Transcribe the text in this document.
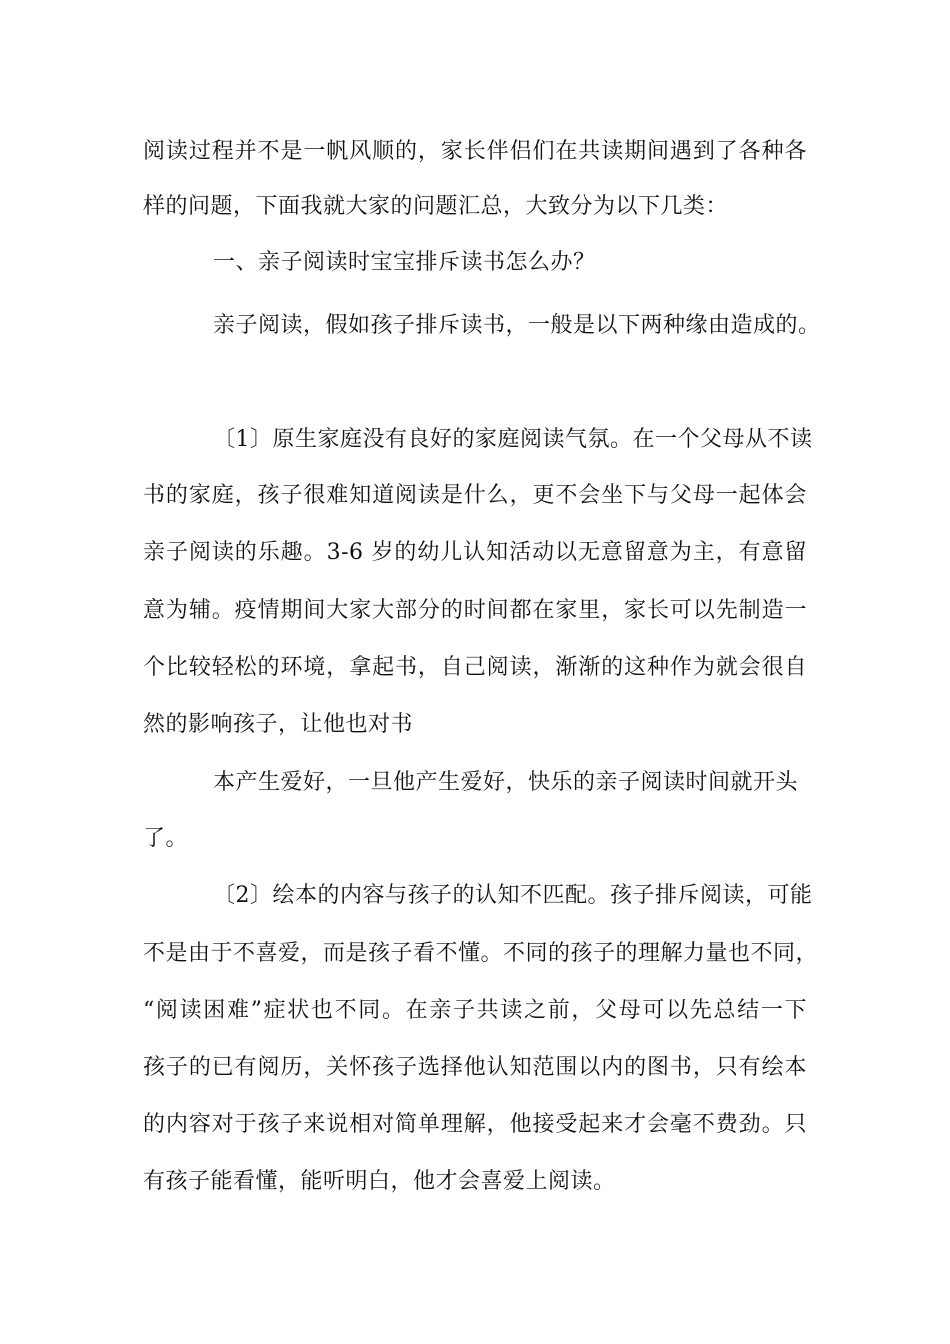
阅读过程并不是一帆风顺的，家长伴侣们在共读期间遇到了各种各
样的问题，下面我就大家的问题汇总，大致分为以下几类：
一、亲子阅读时宝宝排斥读书怎么办？
亲子阅读，假如孩子排斥读书，一般是以下两种缘由造成的。
〔1〕原生家庭没有良好的家庭阅读气氛。在一个父母从不读
书的家庭，孩子很难知道阅读是什么，更不会坐下与父母一起体会
亲子阅读的乐趣。3-6 岁的幼儿认知活动以无意留意为主，有意留
意为辅。疫情期间大家大部分的时间都在家里，家长可以先制造一
个比较轻松的环境，拿起书，自己阅读，渐渐的这种作为就会很自
然的影响孩子，让他也对书
本产生爱好，一旦他产生爱好，快乐的亲子阅读时间就开头
了。
〔2〕绘本的内容与孩子的认知不匹配。孩子排斥阅读，可能
不是由于不喜爱，而是孩子看不懂。不同的孩子的理解力量也不同，
“阅读困难”症状也不同。在亲子共读之前，父母可以先总结一下
孩子的已有阅历，关怀孩子选择他认知范围以内的图书，只有绘本
的内容对于孩子来说相对简单理解，他接受起来才会毫不费劲。只
有孩子能看懂，能听明白，他才会喜爱上阅读。
